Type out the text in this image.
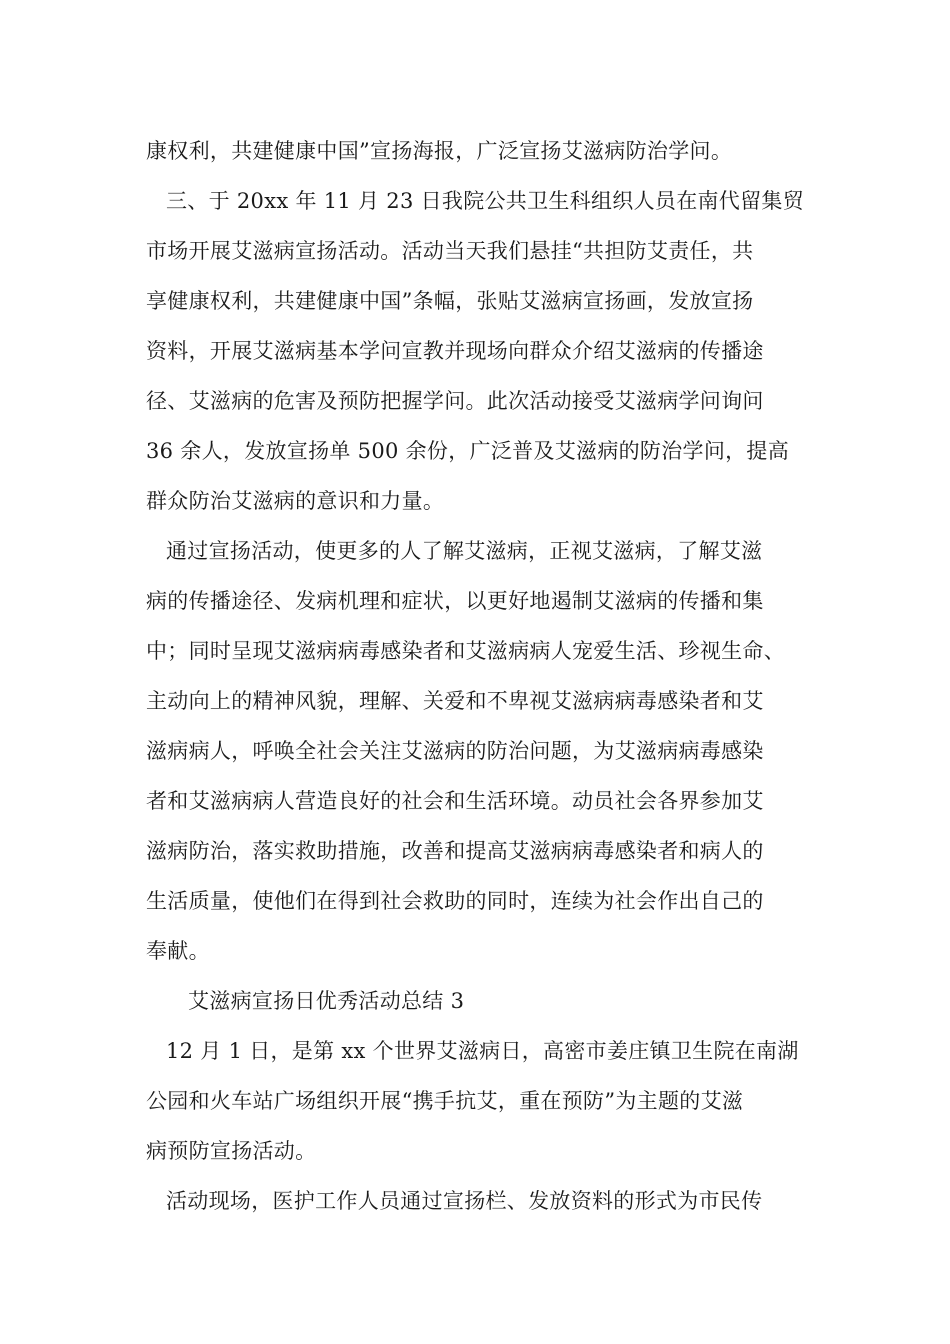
康权利，共建健康中国”宣扬海报，广泛宣扬艾滋病防治学问。
三、于 20xx 年 11 月 23 日我院公共卫生科组织人员在南代留集贸
市场开展艾滋病宣扬活动。活动当天我们悬挂“共担防艾责任，共
享健康权利，共建健康中国”条幅，张贴艾滋病宣扬画，发放宣扬
资料，开展艾滋病基本学问宣教并现场向群众介绍艾滋病的传播途
径、艾滋病的危害及预防把握学问。此次活动接受艾滋病学问询问
36 余人，发放宣扬单 500 余份，广泛普及艾滋病的防治学问，提高
群众防治艾滋病的意识和力量。
通过宣扬活动，使更多的人了解艾滋病，正视艾滋病，了解艾滋
病的传播途径、发病机理和症状，以更好地遏制艾滋病的传播和集
中；同时呈现艾滋病病毒感染者和艾滋病病人宠爱生活、珍视生命、
主动向上的精神风貌，理解、关爱和不卑视艾滋病病毒感染者和艾
滋病病人，呼唤全社会关注艾滋病的防治问题，为艾滋病病毒感染
者和艾滋病病人营造良好的社会和生活环境。动员社会各界参加艾
滋病防治，落实救助措施，改善和提高艾滋病病毒感染者和病人的
生活质量，使他们在得到社会救助的同时，连续为社会作出自己的
奉献。
艾滋病宣扬日优秀活动总结 3
12 月 1 日，是第 xx 个世界艾滋病日，高密市姜庄镇卫生院在南湖
公园和火车站广场组织开展“携手抗艾，重在预防”为主题的艾滋
病预防宣扬活动。
活动现场，医护工作人员通过宣扬栏、发放资料的形式为市民传
